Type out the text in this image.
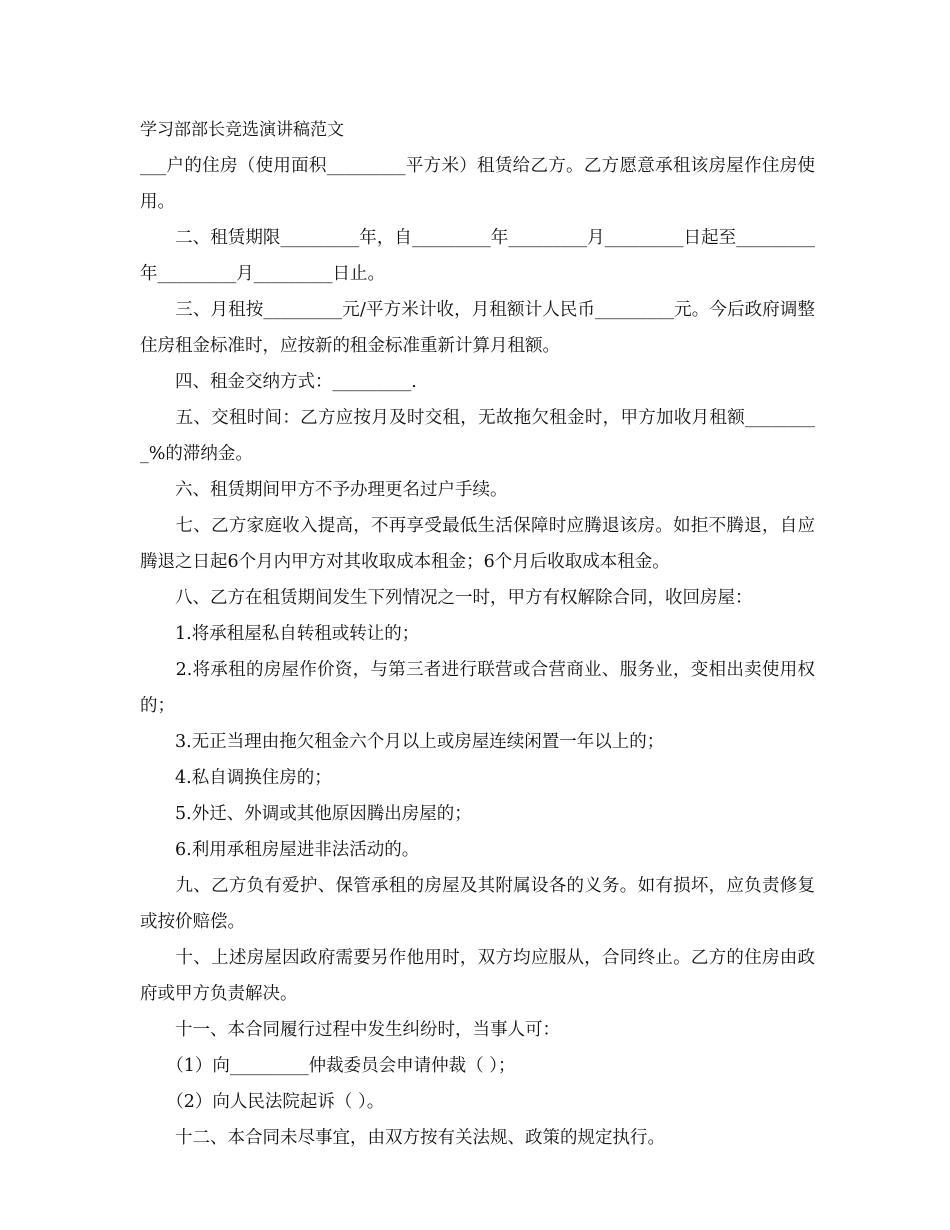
学习部部长竞选演讲稿范文

___户的住房（使用面积_________平方米）租赁给乙方。乙方愿意承租该房屋作住房使用。

　　二、租赁期限_________年，自_________年_________月_________日起至_________年_________月_________日止。

　　三、月租按_________元/平方米计收，月租额计人民币_________元。今后政府调整住房租金标准时，应按新的租金标准重新计算月租额。

　　四、租金交纳方式：_________.

　　五、交租时间：乙方应按月及时交租，无故拖欠租金时，甲方加收月租额_________%的滞纳金。

　　六、租赁期间甲方不予办理更名过户手续。

　　七、乙方家庭收入提高，不再享受最低生活保障时应腾退该房。如拒不腾退，自应腾退之日起6个月内甲方对其收取成本租金；6个月后收取成本租金。

　　八、乙方在租赁期间发生下列情况之一时，甲方有权解除合同，收回房屋：

　　1.将承租屋私自转租或转让的；

　　2.将承租的房屋作价资，与第三者进行联营或合营商业、服务业，变相出卖使用权的；

　　3.无正当理由拖欠租金六个月以上或房屋连续闲置一年以上的；

　　4.私自调换住房的；

　　5.外迁、外调或其他原因腾出房屋的；

　　6.利用承租房屋进非法活动的。

　　九、乙方负有爱护、保管承租的房屋及其附属设各的义务。如有损坏，应负责修复或按价赔偿。

　　十、上述房屋因政府需要另作他用时，双方均应服从，合同终止。乙方的住房由政府或甲方负责解决。

　　十一、本合同履行过程中发生纠纷时，当事人可：

　　（1）向_________仲裁委员会申请仲裁（ ）；

　　（2）向人民法院起诉（ ）。

　　十二、本合同未尽事宜，由双方按有关法规、政策的规定执行。
